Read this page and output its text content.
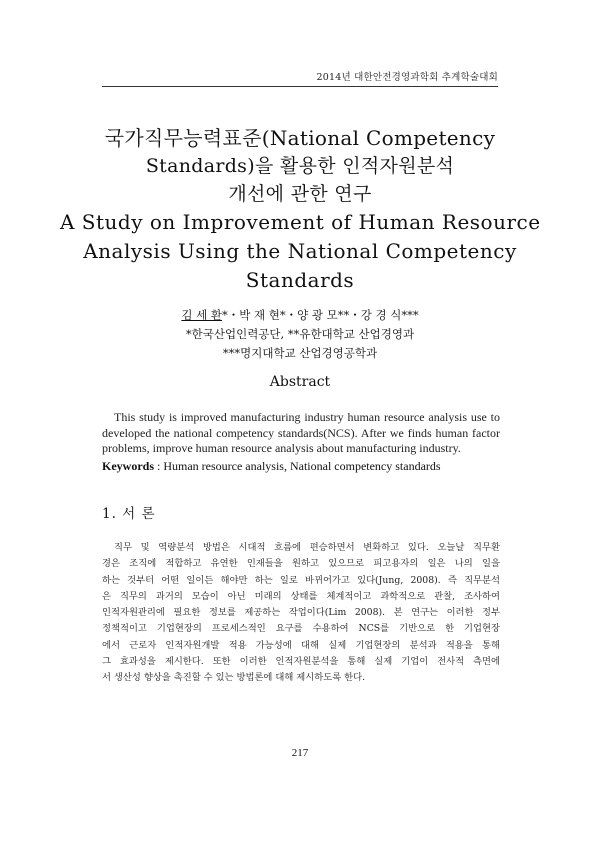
2014년 대한안전경영과학회 추계학술대회
국가직무능력표준(National Competency
Standards)을 활용한 인적자원분석
개선에 관한 연구
A Study on Improvement of Human Resource
Analysis Using the National Competency
Standards
김 세 환*・박 재 현*・양 광 모**・강 경 식***
*한국산업인력공단, **유한대학교 산업경영과
***명지대학교 산업경영공학과
Abstract
This study is improved manufacturing industry human resource analysis use to developed the national competency standards(NCS). After we finds human factor problems, improve human resource analysis about manufacturing industry.
Keywords : Human resource analysis, National competency standards
1. 서 론
직무 및 역량분석 방법은 시대적 흐름에 편승하면서 변화하고 있다. 오늘날 직무환
경은 조직에 적합하고 유연한 인재들을 원하고 있으므로 피고용자의 일은 나의 일을
하는 것부터 어떤 일이든 해야만 하는 일로 바뀌어가고 있다(Jung, 2008). 즉 직무분석
은 직무의 과거의 모습이 아닌 미래의 상태를 체계적이고 과학적으로 관찰, 조사하여
인적자원관리에 필요한 정보를 제공하는 작업이다(Lim 2008). 본 연구는 이러한 정부
정책적이고 기업현장의 프로세스적인 요구를 수용하여 NCS를 기반으로 한 기업현장
에서 근로자 인적자원개발 적용 가능성에 대해 실제 기업현장의 분석과 적용을 통해
그 효과성을 제시한다. 또한 이러한 인적자원분석을 통해 실제 기업이 전사적 측면에
서 생산성 향상을 촉진할 수 있는 방법론에 대해 제시하도록 한다.
217
